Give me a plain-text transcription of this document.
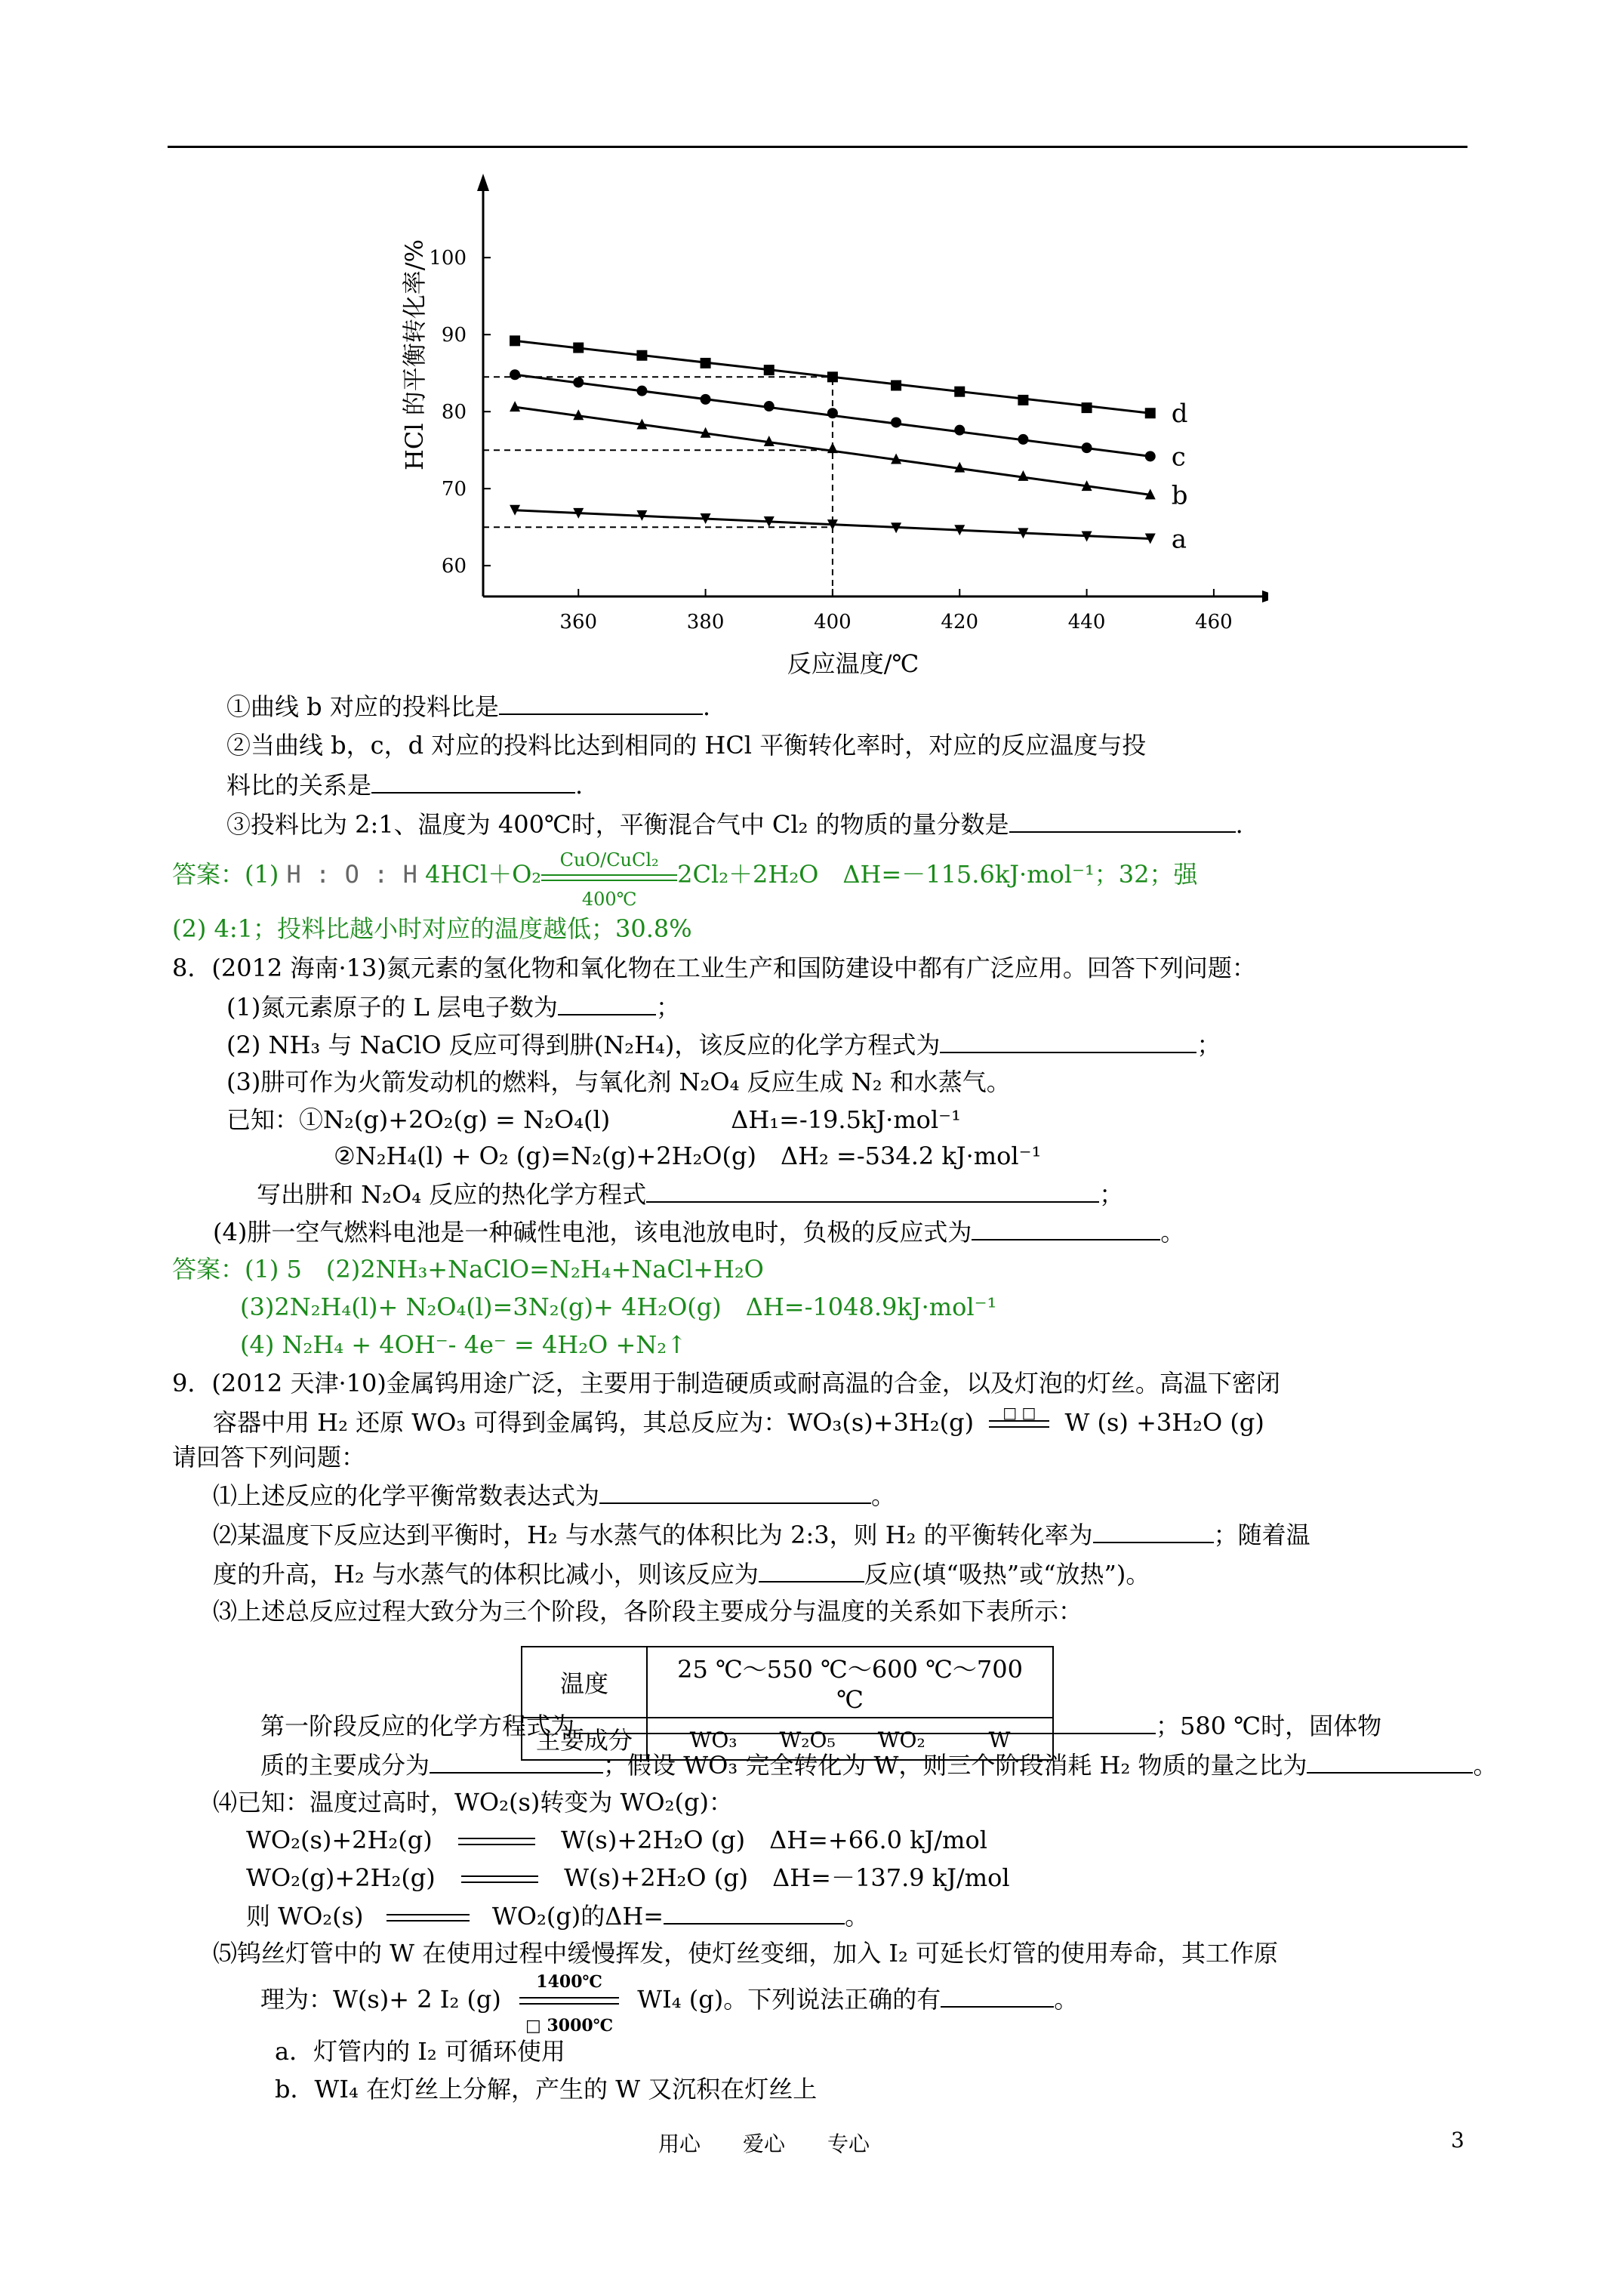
d
c
b
a
360	380	400	420	440	460
60
70
80
90
100
HCl 的平衡转化率/%
反应温度/℃
①曲线 b 对应的投料比是	.
②当曲线 b，c，d 对应的投料比达到相同的 HCl 平衡转化率时，对应的反应温度与投
料比的关系是	.
③投料比为 2:1、温度为 400℃时，平衡混合气中 Cl₂ 的物质的量分数是	.
答案：(1) H : O : H 4HCl＋O₂
CuO/CuCl₂
400℃
2Cl₂＋2H₂O　ΔH=－115.6kJ·mol⁻¹；32；强
(2) 4:1；投料比越小时对应的温度越低；30.8%
8．(2012 海南·13)氮元素的氢化物和氧化物在工业生产和国防建设中都有广泛应用。回答下列问题：
(1)氮元素原子的 L 层电子数为	；
(2) NH₃ 与 NaClO 反应可得到肼(N₂H₄)，该反应的化学方程式为	；
(3)肼可作为火箭发动机的燃料，与氧化剂 N₂O₄ 反应生成 N₂ 和水蒸气。
已知：①N₂(g)+2O₂(g) = N₂O₄(l)　　　　　ΔH₁=-19.5kJ·mol⁻¹
②N₂H₄(l) + O₂ (g)=N₂(g)+2H₂O(g)　ΔH₂ =-534.2 kJ·mol⁻¹
写出肼和 N₂O₄ 反应的热化学方程式	；
(4)肼一空气燃料电池是一种碱性电池，该电池放电时，负极的反应式为	。
答案：(1) 5　(2)2NH₃+NaClO=N₂H₄+NaCl+H₂O
(3)2N₂H₄(l)+ N₂O₄(l)=3N₂(g)+ 4H₂O(g)　ΔH=-1048.9kJ·mol⁻¹
(4) N₂H₄ + 4OH⁻- 4e⁻ = 4H₂O +N₂↑
9．(2012 天津·10)金属钨用途广泛，主要用于制造硬质或耐高温的合金，以及灯泡的灯丝。高温下密闭
容器中用 H₂ 还原 WO₃ 可得到金属钨，其总反应为：WO₃(s)+3H₂(g)	□ □	W (s) +3H₂O (g)
请回答下列问题：
⑴上述反应的化学平衡常数表达式为	。
⑵某温度下反应达到平衡时，H₂ 与水蒸气的体积比为 2:3，则 H₂ 的平衡转化率为	；随着温
度的升高，H₂ 与水蒸气的体积比减小，则该反应为	反应(填“吸热”或“放热”)。
⑶上述总反应过程大致分为三个阶段，各阶段主要成分与温度的关系如下表所示：
温度	25 ℃～550 ℃～600 ℃～700 ℃
主要成分	WO₃　　W₂O₅　　WO₂　　　W
第一阶段反应的化学方程式为	；580 ℃时，固体物
质的主要成分为	；假设 WO₃ 完全转化为 W，则三个阶段消耗 H₂ 物质的量之比为	。
⑷已知：温度过高时，WO₂(s)转变为 WO₂(g)：
WO₂(s)+2H₂(g)	W(s)+2H₂O (g)　ΔH=+66.0 kJ/mol
WO₂(g)+2H₂(g)	W(s)+2H₂O (g)　ΔH=－137.9 kJ/mol
则 WO₂(s)	WO₂(g)的ΔH=	。
⑸钨丝灯管中的 W 在使用过程中缓慢挥发，使灯丝变细，加入 I₂ 可延长灯管的使用寿命，其工作原
理为：W(s)+ 2 I₂ $(g) \frac{1400℃}{□ 3000℃} WI_4$ (g)。下列说法正确的有	。
a．灯管内的 I₂ 可循环使用
b．WI₄ 在灯丝上分解，产生的 W 又沉积在灯丝上
用心　　爱心　　专心	3
